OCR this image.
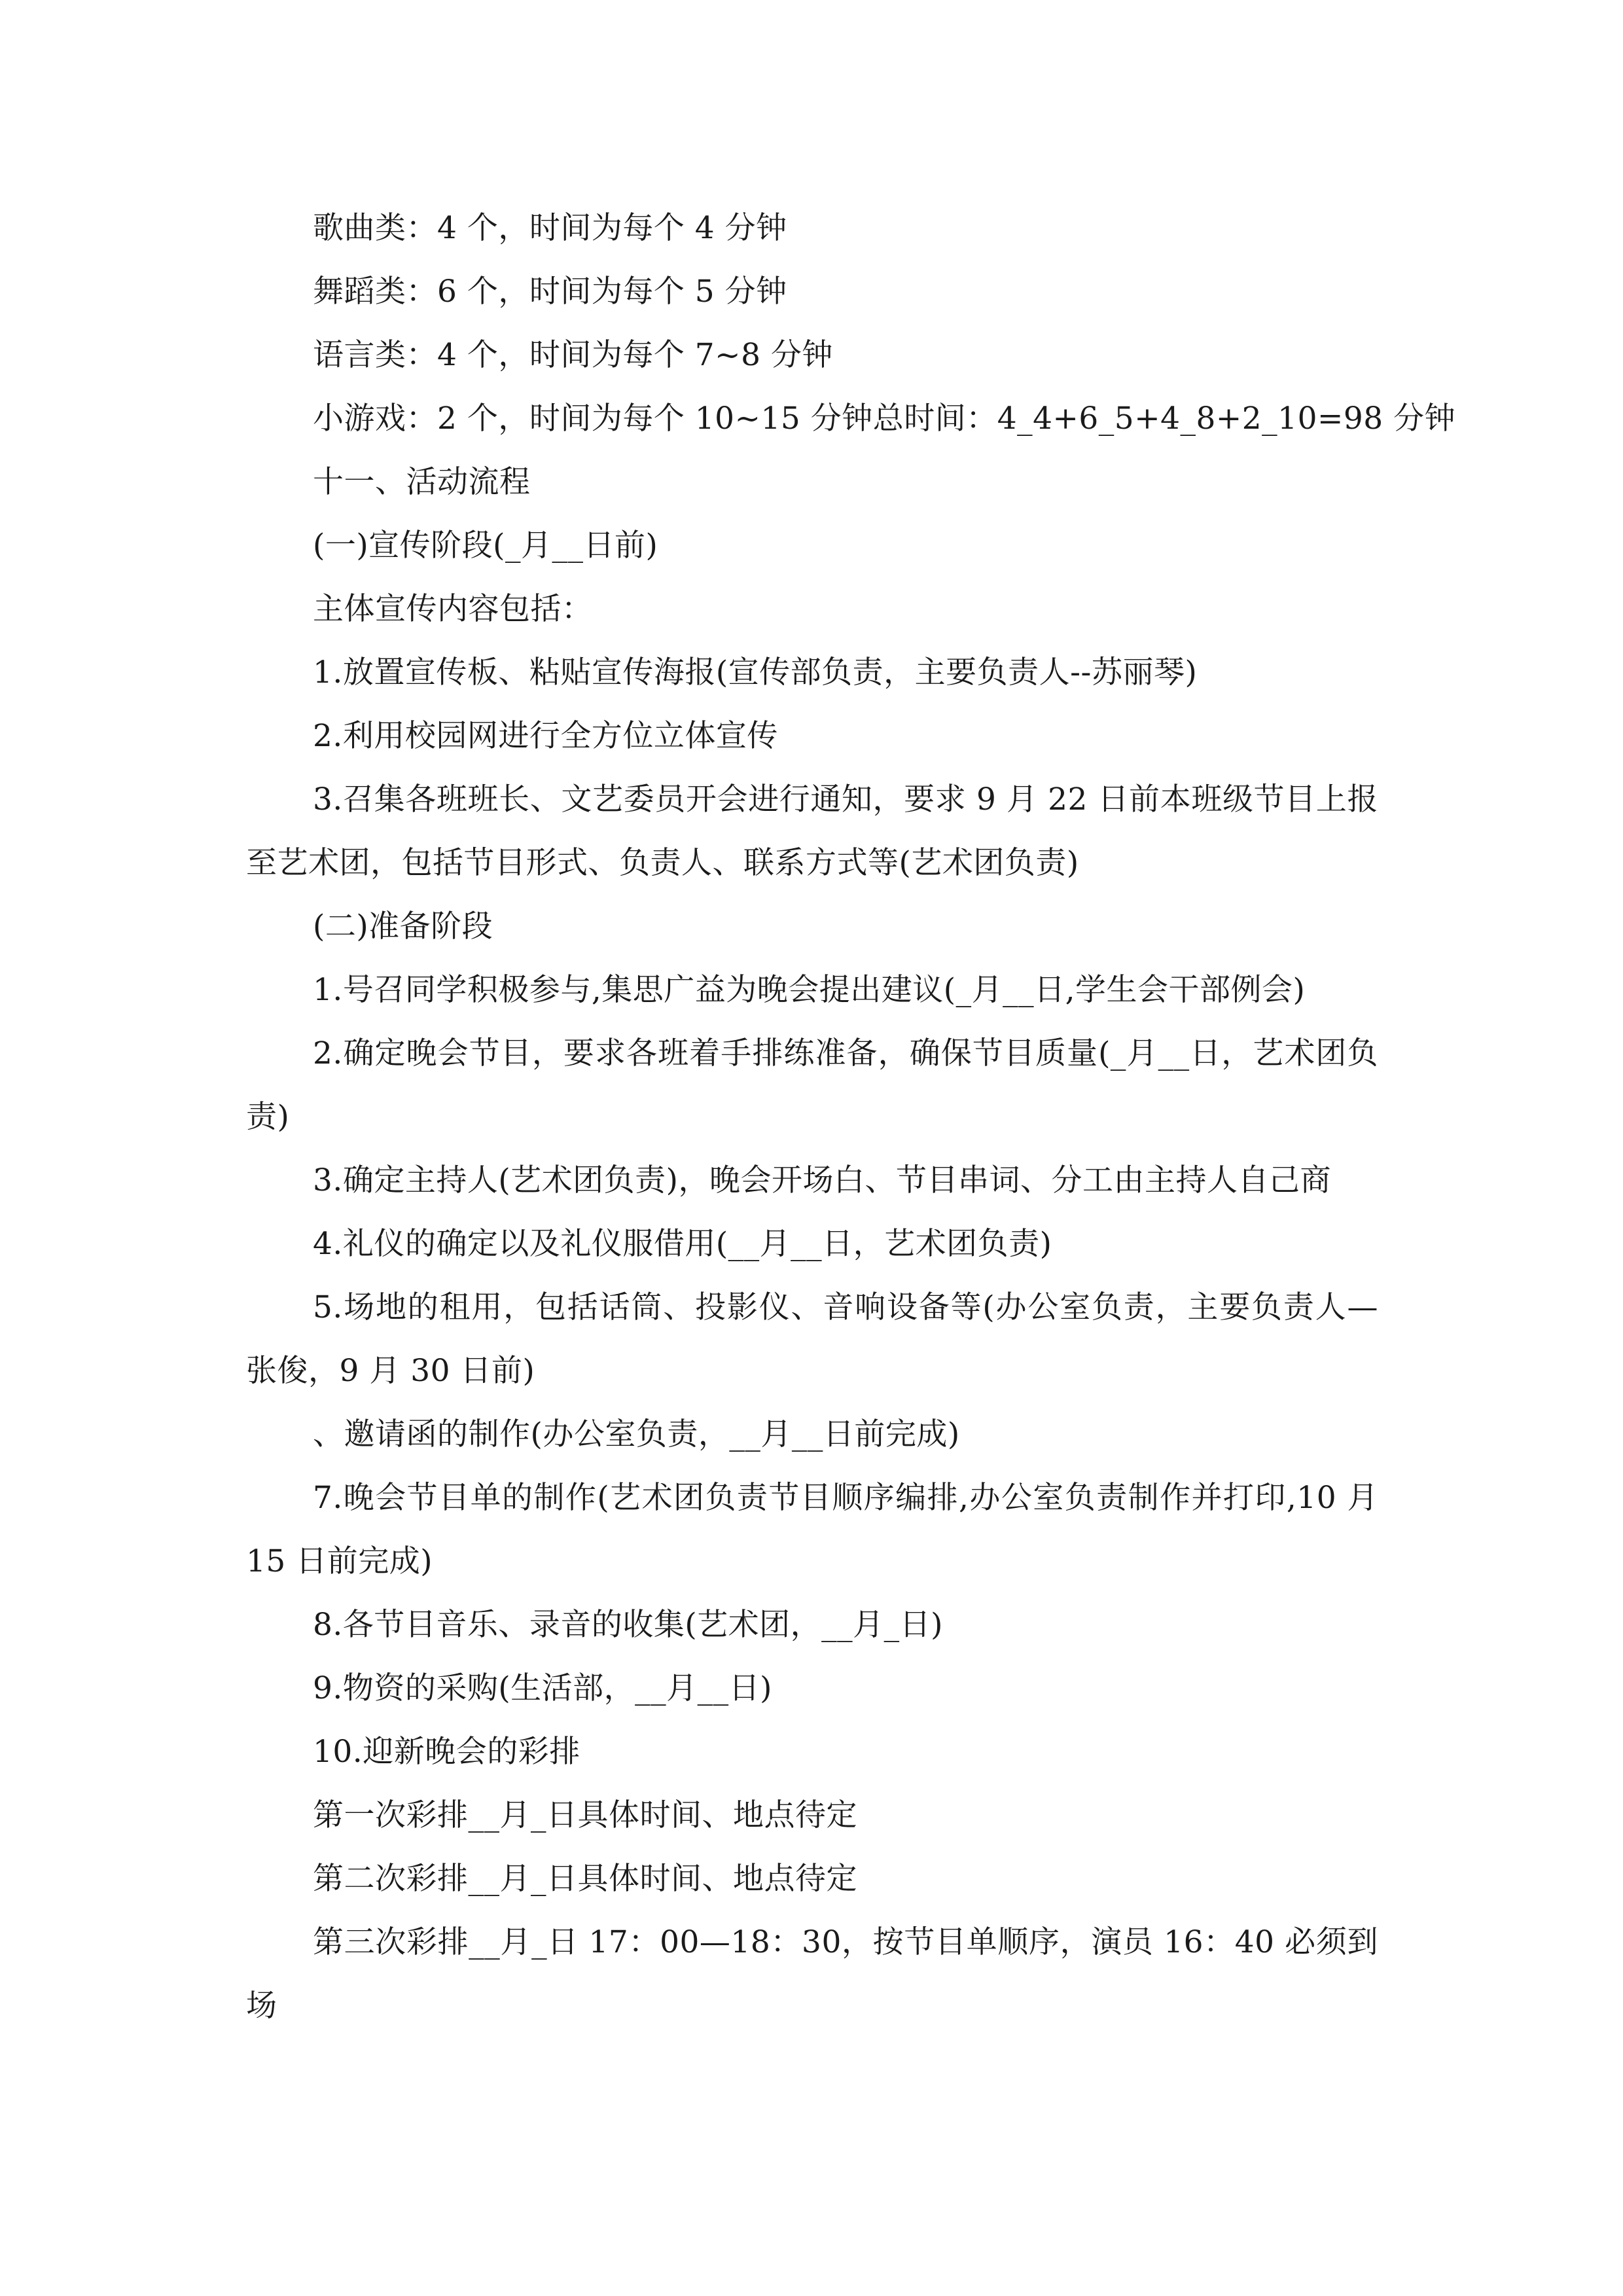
歌曲类：4 个，时间为每个 4 分钟

舞蹈类：6 个，时间为每个 5 分钟

语言类：4 个，时间为每个 7~8 分钟

小游戏：2 个，时间为每个 10~15 分钟总时间：4_4+6_5+4_8+2_10=98 分钟

十一、活动流程

(一)宣传阶段(_月__日前)

主体宣传内容包括：

1.放置宣传板、粘贴宣传海报(宣传部负责，主要负责人--苏丽琴)

2.利用校园网进行全方位立体宣传

3.召集各班班长、文艺委员开会进行通知，要求 9 月 22 日前本班级节目上报至艺术团，包括节目形式、负责人、联系方式等(艺术团负责)

(二)准备阶段

1.号召同学积极参与,集思广益为晚会提出建议(_月__日,学生会干部例会)

2.确定晚会节目，要求各班着手排练准备，确保节目质量(_月__日，艺术团负责)

3.确定主持人(艺术团负责)，晚会开场白、节目串词、分工由主持人自己商

4.礼仪的确定以及礼仪服借用(__月__日，艺术团负责)

5.场地的租用，包括话筒、投影仪、音响设备等(办公室负责，主要负责人—张俊，9 月 30 日前)

、邀请函的制作(办公室负责，__月__日前完成)

7.晚会节目单的制作(艺术团负责节目顺序编排,办公室负责制作并打印,10 月 15 日前完成)

8.各节目音乐、录音的收集(艺术团，__月_日)

9.物资的采购(生活部，__月__日)

10.迎新晚会的彩排

第一次彩排__月_日具体时间、地点待定

第二次彩排__月_日具体时间、地点待定

第三次彩排__月_日 17：00—18：30，按节目单顺序，演员 16：40 必须到场
